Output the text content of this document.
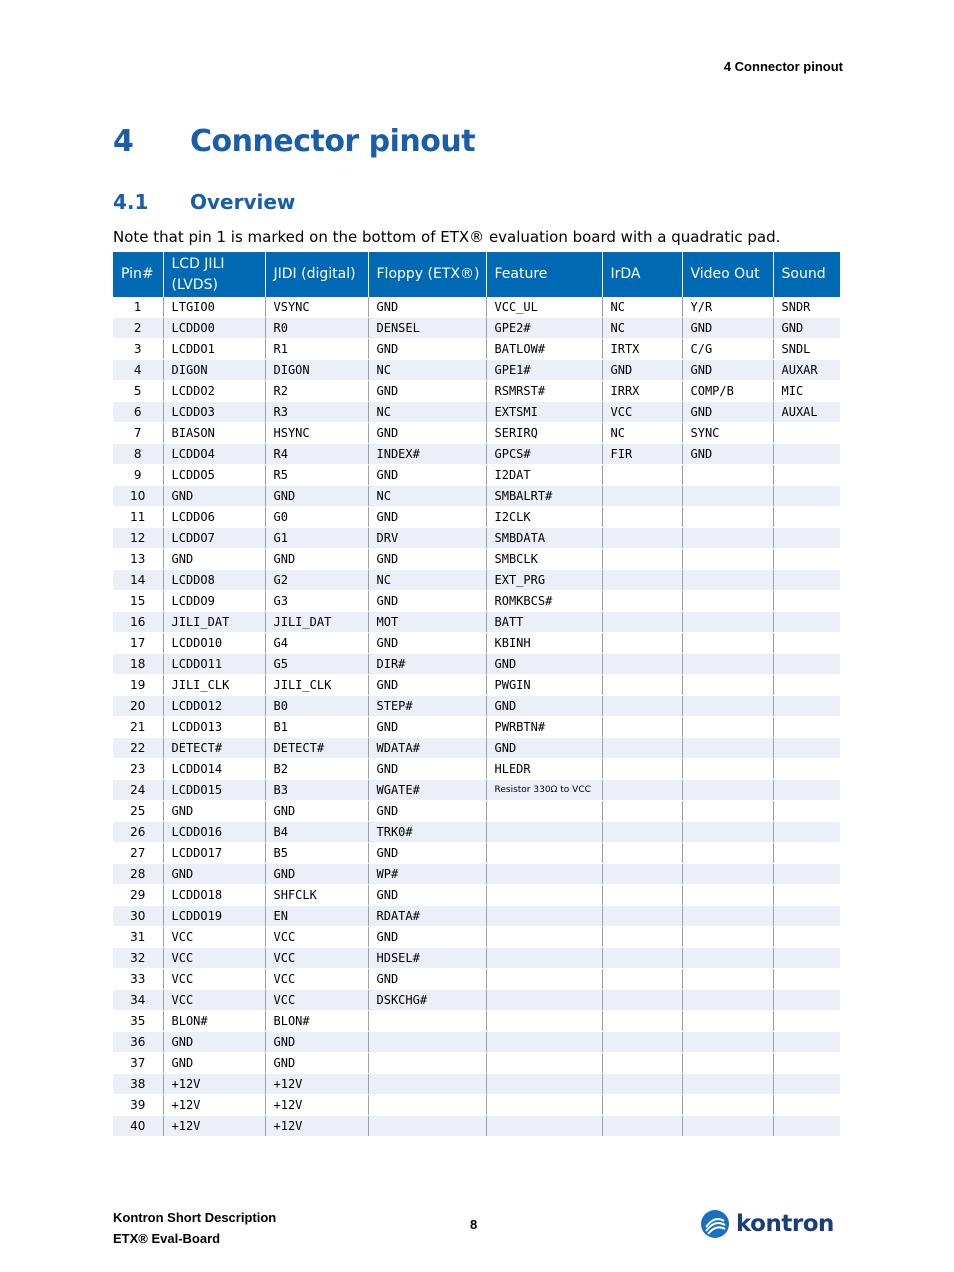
4 Connector pinout
4 Connector pinout
4.1 Overview
Note that pin 1 is marked on the bottom of ETX® evaluation board with a quadratic pad.
Pin#	LCD JILI (LVDS)	JIDI (digital)	Floppy (ETX®)	Feature	IrDA	Video Out	Sound
1	LTGIO0	VSYNC	GND	VCC_UL	NC	Y/R	SNDR
2	LCDDO0	R0	DENSEL	GPE2#	NC	GND	GND
3	LCDDO1	R1	GND	BATLOW#	IRTX	C/G	SNDL
4	DIGON	DIGON	NC	GPE1#	GND	GND	AUXAR
5	LCDDO2	R2	GND	RSMRST#	IRRX	COMP/B	MIC
6	LCDDO3	R3	NC	EXTSMI	VCC	GND	AUXAL
7	BIASON	HSYNC	GND	SERIRQ	NC	SYNC	
8	LCDDO4	R4	INDEX#	GPCS#	FIR	GND	
9	LCDDO5	R5	GND	I2DAT			
10	GND	GND	NC	SMBALRT#			
11	LCDDO6	G0	GND	I2CLK			
12	LCDDO7	G1	DRV	SMBDATA			
13	GND	GND	GND	SMBCLK			
14	LCDDO8	G2	NC	EXT_PRG			
15	LCDDO9	G3	GND	ROMKBCS#			
16	JILI_DAT	JILI_DAT	MOT	BATT			
17	LCDDO10	G4	GND	KBINH			
18	LCDDO11	G5	DIR#	GND			
19	JILI_CLK	JILI_CLK	GND	PWGIN			
20	LCDDO12	B0	STEP#	GND			
21	LCDDO13	B1	GND	PWRBTN#			
22	DETECT#	DETECT#	WDATA#	GND			
23	LCDDO14	B2	GND	HLEDR			
24	LCDDO15	B3	WGATE#	Resistor 330Ω to VCC			
25	GND	GND	GND				
26	LCDDO16	B4	TRK0#				
27	LCDDO17	B5	GND				
28	GND	GND	WP#				
29	LCDDO18	SHFCLK	GND				
30	LCDDO19	EN	RDATA#				
31	VCC	VCC	GND				
32	VCC	VCC	HDSEL#				
33	VCC	VCC	GND				
34	VCC	VCC	DSKCHG#				
35	BLON#	BLON#					
36	GND	GND					
37	GND	GND					
38	+12V	+12V					
39	+12V	+12V					
40	+12V	+12V					
Kontron Short Description
ETX® Eval-Board
8	kontron
